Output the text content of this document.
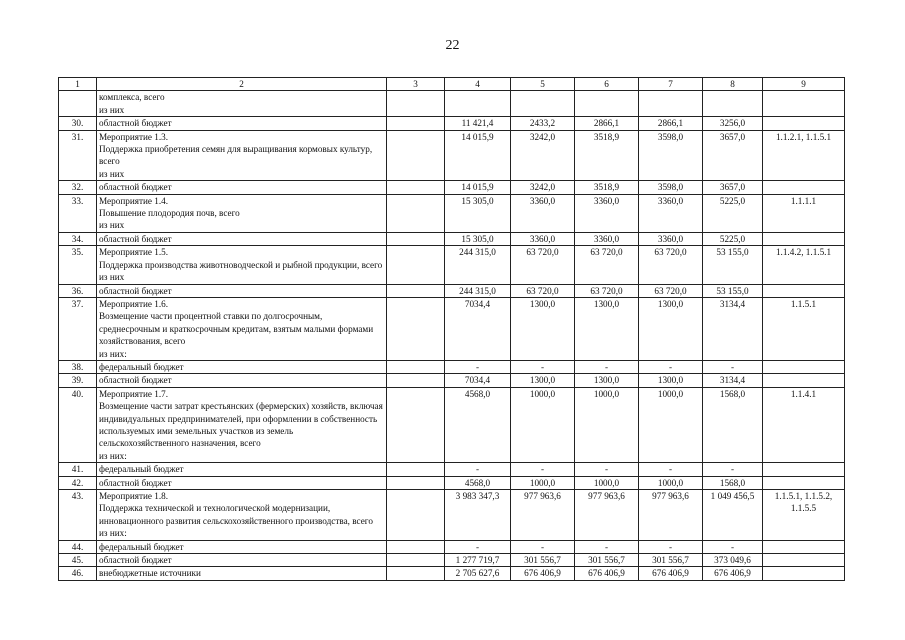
22
1	2	3	4	5	6	7	8	9
	комплекса, всего
из них							
30.	областной бюджет		11 421,4	2433,2	2866,1	2866,1	3256,0	
31.	Мероприятие 1.3.
Поддержка приобретения семян для выращивания кормовых культур, всего
из них		14 015,9	3242,0	3518,9	3598,0	3657,0	1.1.2.1, 1.1.5.1
32.	областной бюджет		14 015,9	3242,0	3518,9	3598,0	3657,0	
33.	Мероприятие 1.4.
Повышение плодородия почв, всего
из них		15 305,0	3360,0	3360,0	3360,0	5225,0	1.1.1.1
34.	областной бюджет		15 305,0	3360,0	3360,0	3360,0	5225,0	
35.	Мероприятие 1.5.
Поддержка производства животноводческой и рыбной продукции, всего
из них		244 315,0	63 720,0	63 720,0	63 720,0	53 155,0	1.1.4.2, 1.1.5.1
36.	областной бюджет		244 315,0	63 720,0	63 720,0	63 720,0	53 155,0	
37.	Мероприятие 1.6.
Возмещение части процентной ставки по долгосрочным, среднесрочным и краткосрочным кредитам, взятым малыми формами хозяйствования, всего
из них:		7034,4	1300,0	1300,0	1300,0	3134,4	1.1.5.1
38.	федеральный бюджет		-	-	-	-	-	
39.	областной бюджет		7034,4	1300,0	1300,0	1300,0	3134,4	
40.	Мероприятие 1.7.
Возмещение части затрат крестьянских (фермерских) хозяйств, включая индивидуальных предпринимателей, при оформлении в собственность используемых ими земельных участков из земель сельскохозяйственного назначения, всего
из них:		4568,0	1000,0	1000,0	1000,0	1568,0	1.1.4.1
41.	федеральный бюджет		-	-	-	-	-	
42.	областной бюджет		4568,0	1000,0	1000,0	1000,0	1568,0	
43.	Мероприятие 1.8.
Поддержка технической и технологической модернизации, инновационного развития сельскохозяйственного производства, всего
из них:		3 983 347,3	977 963,6	977 963,6	977 963,6	1 049 456,5	1.1.5.1, 1.1.5.2,
1.1.5.5
44.	федеральный бюджет		-	-	-	-	-	
45.	областной бюджет		1 277 719,7	301 556,7	301 556,7	301 556,7	373 049,6	
46.	внебюджетные источники		2 705 627,6	676 406,9	676 406,9	676 406,9	676 406,9	
